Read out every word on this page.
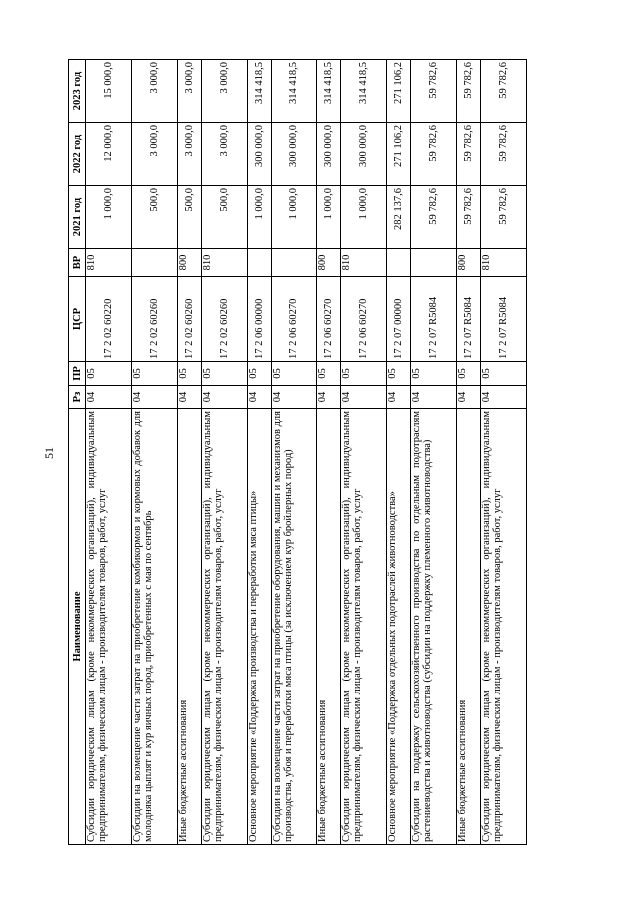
51
Наименование	Рз	ПР	ЦСР	ВР	2021 год	2022 год	2023 год
Субсидии юридическим лицам (кроме некоммерческих организаций), индивидуальным предпринимателям, физическим лицам - производителям товаров, работ, услуг	04	05	17 2 02 60220	810	1 000,0	12 000,0	15 000,0
Субсидии на возмещение части затрат на приобретение комбикормов и кормовых добавок для молодняка цыплят и кур яичных пород, приобретенных с мая по сентябрь	04	05	17 2 02 60260		500,0	3 000,0	3 000,0
Иные бюджетные ассигнования	04	05	17 2 02 60260	800	500,0	3 000,0	3 000,0
Субсидии юридическим лицам (кроме некоммерческих организаций), индивидуальным предпринимателям, физическим лицам - производителям товаров, работ, услуг	04	05	17 2 02 60260	810	500,0	3 000,0	3 000,0
Основное мероприятие «Поддержка производства и переработки мяса птицы»	04	05	17 2 06 00000		1 000,0	300 000,0	314 418,5
Субсидии на возмещение части затрат на приобретение оборудования, машин и механизмов для производства, убоя и переработки мяса птицы (за исключением кур бройлерных пород)	04	05	17 2 06 60270		1 000,0	300 000,0	314 418,5
Иные бюджетные ассигнования	04	05	17 2 06 60270	800	1 000,0	300 000,0	314 418,5
Субсидии юридическим лицам (кроме некоммерческих организаций), индивидуальным предпринимателям, физическим лицам - производителям товаров, работ, услуг	04	05	17 2 06 60270	810	1 000,0	300 000,0	314 418,5
Основное мероприятие «Поддержка отдельных подотраслей животноводства»	04	05	17 2 07 00000		282 137,6	271 106,2	271 106,2
Субсидии на поддержку сельскохозяйственного производства по отдельным подотраслям растениеводства и животноводства (субсидии на поддержку племенного животноводства)	04	05	17 2 07 R5084		59 782,6	59 782,6	59 782,6
Иные бюджетные ассигнования	04	05	17 2 07 R5084	800	59 782,6	59 782,6	59 782,6
Субсидии юридическим лицам (кроме некоммерческих организаций), индивидуальным предпринимателям, физическим лицам - производителям товаров, работ, услуг	04	05	17 2 07 R5084	810	59 782,6	59 782,6	59 782,6
